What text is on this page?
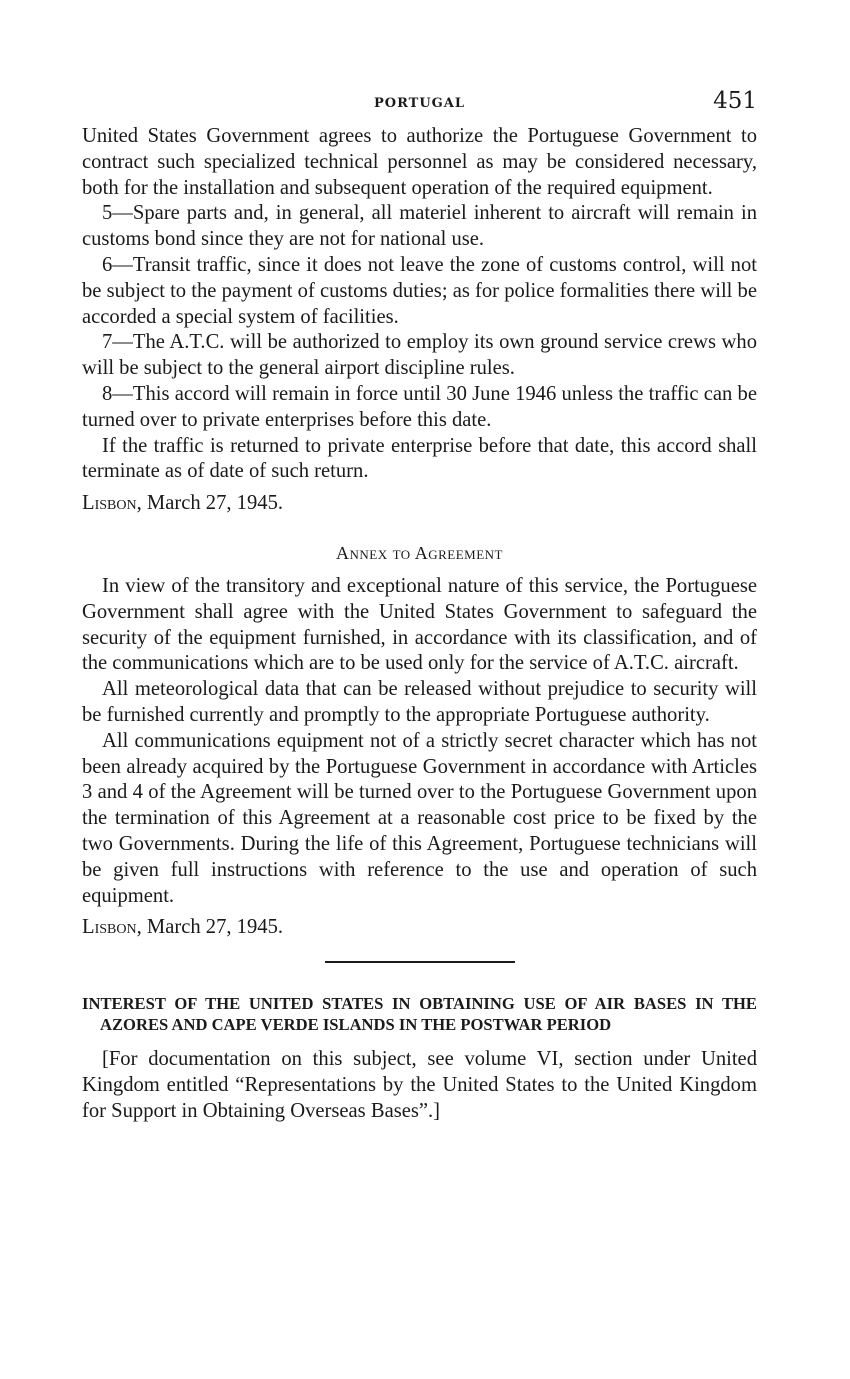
PORTUGAL	451

United States Government agrees to authorize the Portuguese Government to contract such specialized technical personnel as may be considered necessary, both for the installation and subsequent operation of the required equipment.

5—Spare parts and, in general, all materiel inherent to aircraft will remain in customs bond since they are not for national use.

6—Transit traffic, since it does not leave the zone of customs control, will not be subject to the payment of customs duties; as for police formalities there will be accorded a special system of facilities.

7—The A.T.C. will be authorized to employ its own ground service crews who will be subject to the general airport discipline rules.

8—This accord will remain in force until 30 June 1946 unless the traffic can be turned over to private enterprises before this date.

If the traffic is returned to private enterprise before that date, this accord shall terminate as of date of such return.

Lisbon, March 27, 1945.

Annex to Agreement

In view of the transitory and exceptional nature of this service, the Portuguese Government shall agree with the United States Government to safeguard the security of the equipment furnished, in accordance with its classification, and of the communications which are to be used only for the service of A.T.C. aircraft.

All meteorological data that can be released without prejudice to security will be furnished currently and promptly to the appropriate Portuguese authority.

All communications equipment not of a strictly secret character which has not been already acquired by the Portuguese Government in accordance with Articles 3 and 4 of the Agreement will be turned over to the Portuguese Government upon the termination of this Agreement at a reasonable cost price to be fixed by the two Governments. During the life of this Agreement, Portuguese technicians will be given full instructions with reference to the use and operation of such equipment.

Lisbon, March 27, 1945.

INTEREST OF THE UNITED STATES IN OBTAINING USE OF AIR BASES IN THE AZORES AND CAPE VERDE ISLANDS IN THE POSTWAR PERIOD

[For documentation on this subject, see volume VI, section under United Kingdom entitled “Representations by the United States to the United Kingdom for Support in Obtaining Overseas Bases”.]
